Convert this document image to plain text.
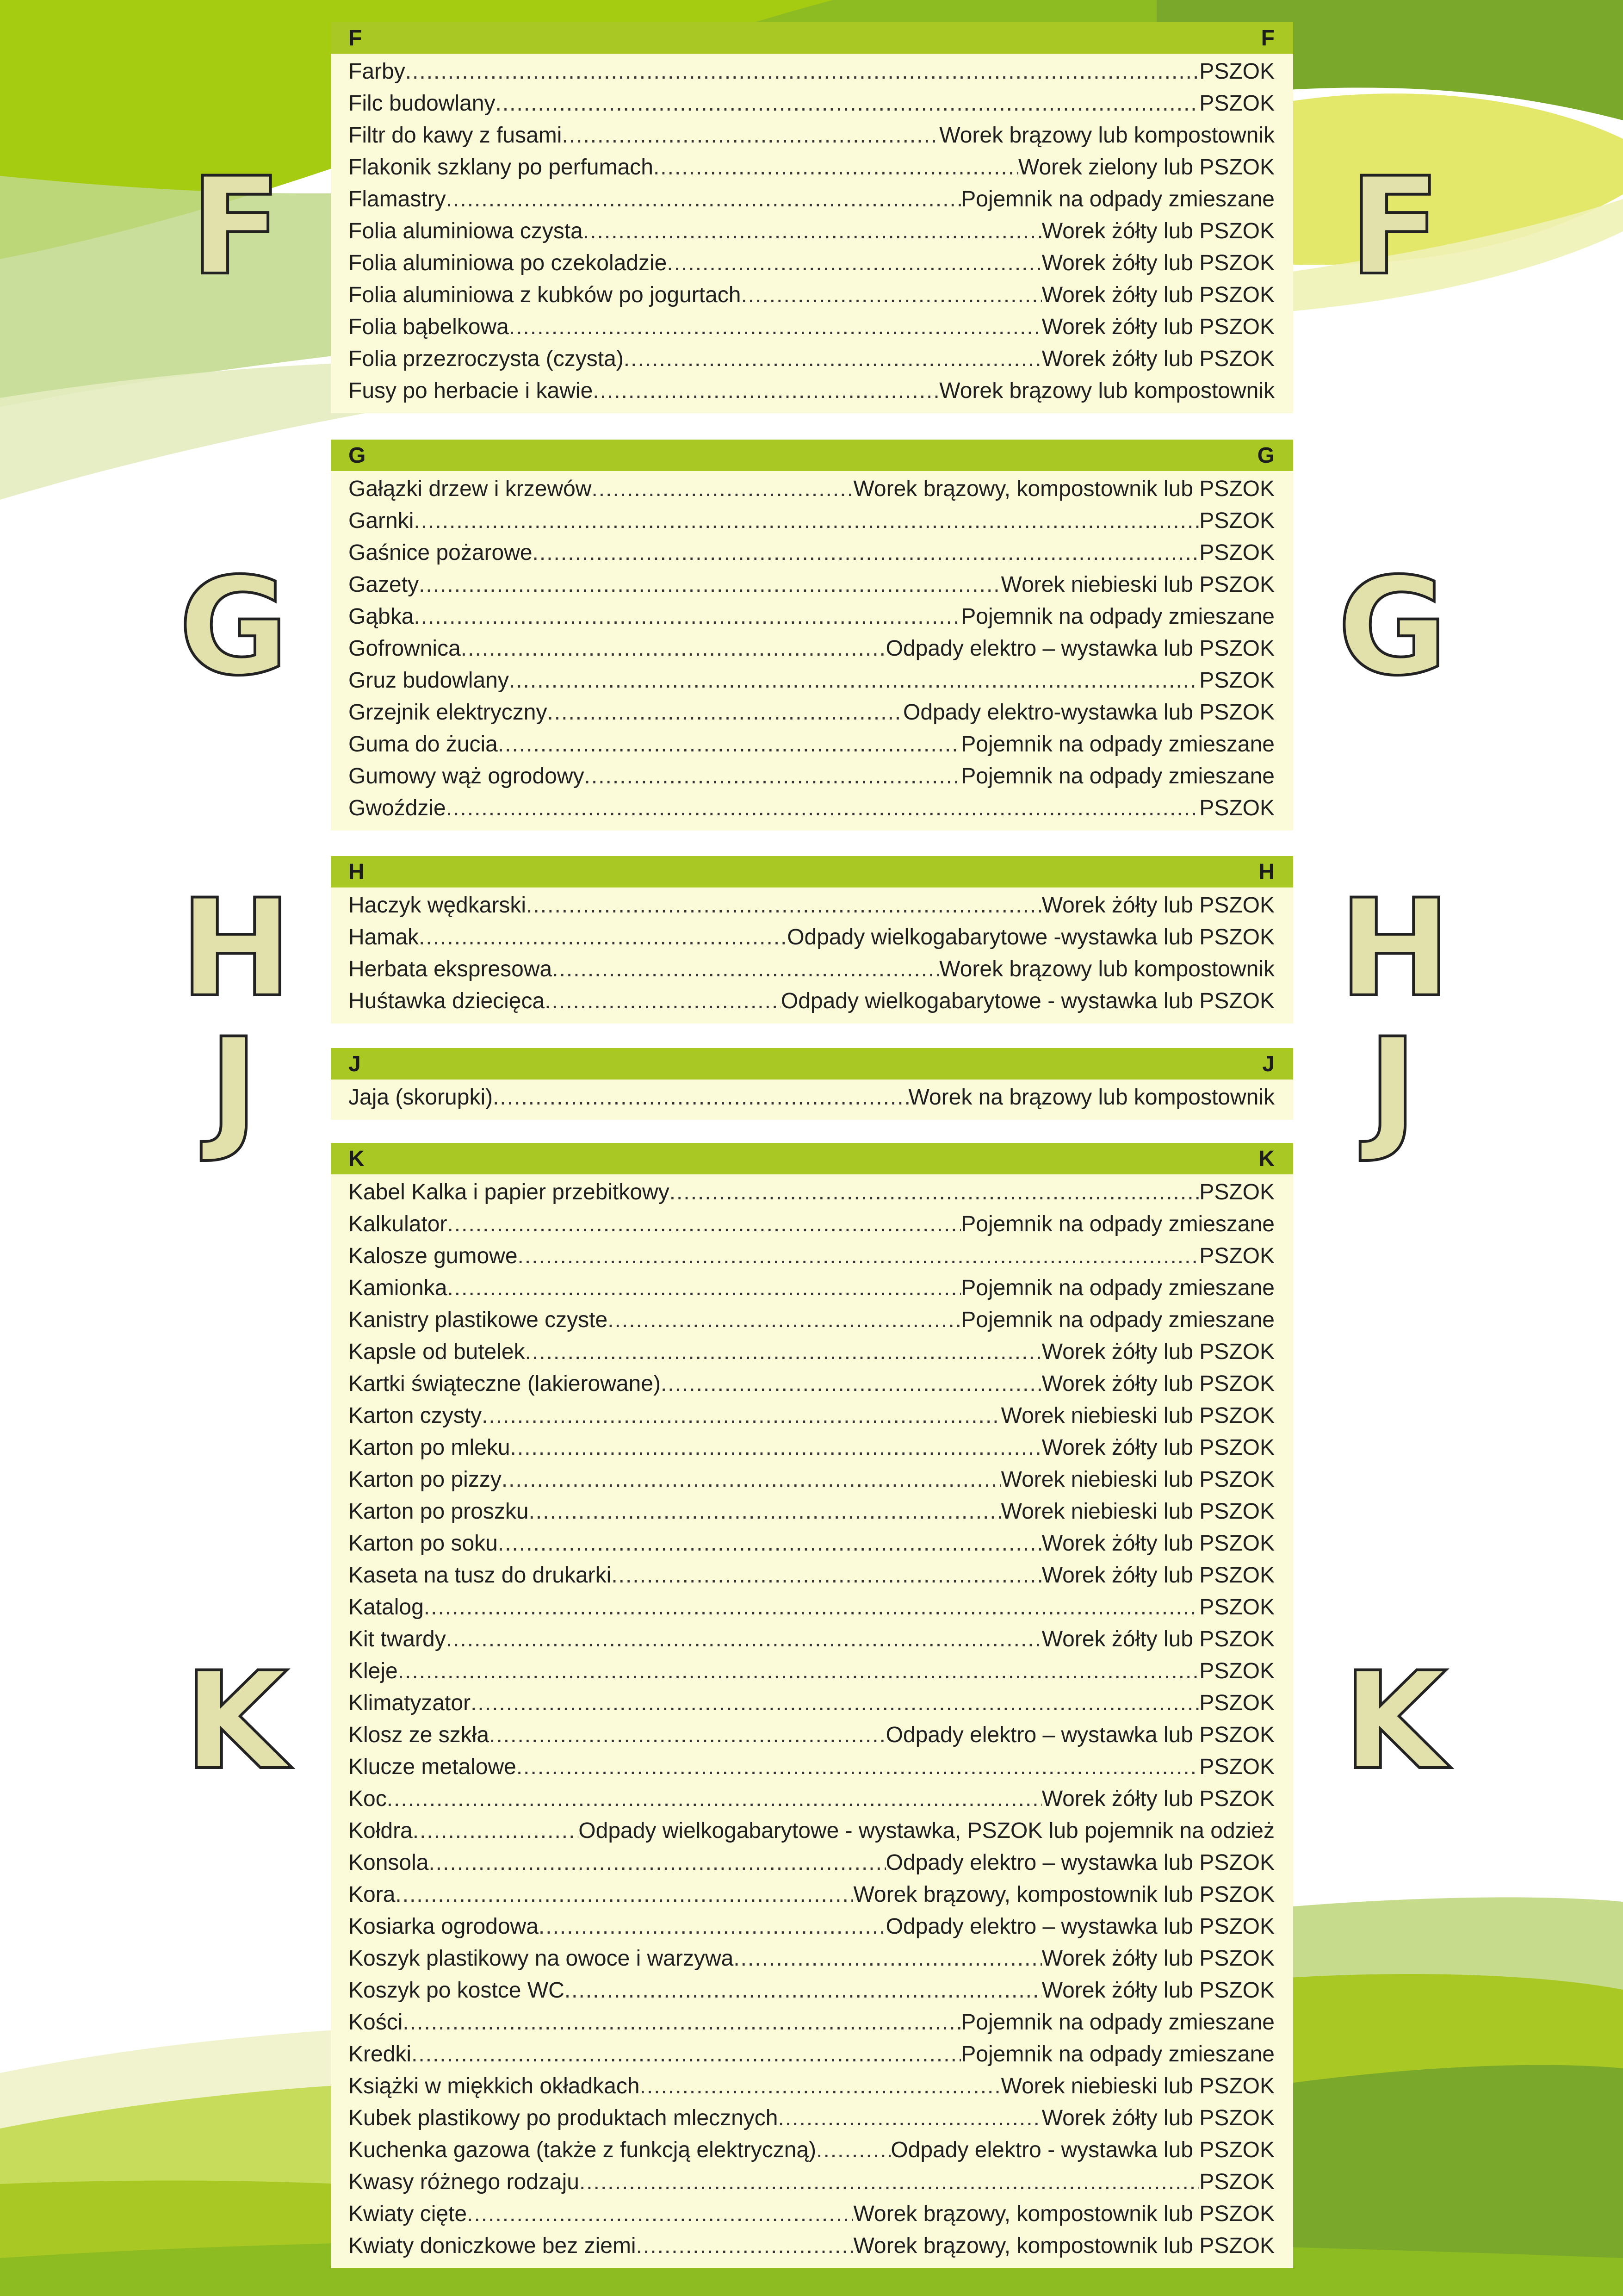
F	F
G	G
H	H
J	J
K	K
F	F
Farby .....	PSZOK
Filc budowlany .....	PSZOK
Filtr do kawy z fusami .....	Worek brązowy lub kompostownik
Flakonik szklany po perfumach .....	Worek zielony lub PSZOK
Flamastry .....	Pojemnik na odpady zmieszane
Folia aluminiowa czysta .....	Worek żółty lub PSZOK
Folia aluminiowa po czekoladzie .....	Worek żółty lub PSZOK
Folia aluminiowa z kubków po jogurtach .....	Worek żółty lub PSZOK
Folia bąbelkowa .....	Worek żółty lub PSZOK
Folia przezroczysta (czysta) .....	Worek żółty lub PSZOK
Fusy po herbacie i kawie .....	Worek brązowy lub kompostownik
G	G
Gałązki drzew i krzewów .....	Worek brązowy, kompostownik lub PSZOK
Garnki .....	PSZOK
Gaśnice pożarowe .....	PSZOK
Gazety .....	Worek niebieski lub PSZOK
Gąbka .....	Pojemnik na odpady zmieszane
Gofrownica .....	Odpady elektro – wystawka lub PSZOK
Gruz budowlany .....	PSZOK
Grzejnik elektryczny .....	Odpady elektro-wystawka lub PSZOK
Guma do żucia .....	Pojemnik na odpady zmieszane
Gumowy wąż ogrodowy .....	Pojemnik na odpady zmieszane
Gwoździe .....	PSZOK
H	H
Haczyk wędkarski .....	Worek żółty lub PSZOK
Hamak .....	Odpady wielkogabarytowe -wystawka lub PSZOK
Herbata ekspresowa .....	Worek brązowy lub kompostownik
Huśtawka dziecięca .....	Odpady wielkogabarytowe - wystawka lub PSZOK
J	J
Jaja (skorupki) .....	Worek na brązowy lub kompostownik
K	K
Kabel Kalka i papier przebitkowy .....	PSZOK
Kalkulator .....	Pojemnik na odpady zmieszane
Kalosze gumowe .....	PSZOK
Kamionka .....	Pojemnik na odpady zmieszane
Kanistry plastikowe czyste .....	Pojemnik na odpady zmieszane
Kapsle od butelek .....	Worek żółty lub PSZOK
Kartki świąteczne (lakierowane) .....	Worek żółty lub PSZOK
Karton czysty .....	Worek niebieski lub PSZOK
Karton po mleku .....	Worek żółty lub PSZOK
Karton po pizzy .....	Worek niebieski lub PSZOK
Karton po proszku .....	Worek niebieski lub PSZOK
Karton po soku .....	Worek żółty lub PSZOK
Kaseta na tusz do drukarki .....	Worek żółty lub PSZOK
Katalog .....	PSZOK
Kit twardy .....	Worek żółty lub PSZOK
Kleje .....	PSZOK
Klimatyzator .....	PSZOK
Klosz ze szkła .....	Odpady elektro – wystawka lub PSZOK
Klucze metalowe .....	PSZOK
Koc .....	Worek żółty lub PSZOK
Kołdra .....	Odpady wielkogabarytowe - wystawka, PSZOK lub pojemnik na odzież
Konsola .....	Odpady elektro – wystawka lub PSZOK
Kora .....	Worek brązowy, kompostownik lub PSZOK
Kosiarka ogrodowa .....	Odpady elektro – wystawka lub PSZOK
Koszyk plastikowy na owoce i warzywa .....	Worek żółty lub PSZOK
Koszyk po kostce WC .....	Worek żółty lub PSZOK
Kości .....	Pojemnik na odpady zmieszane
Kredki .....	Pojemnik na odpady zmieszane
Książki w miękkich okładkach .....	Worek niebieski lub PSZOK
Kubek plastikowy po produktach mlecznych .....	Worek żółty lub PSZOK
Kuchenka gazowa (także z funkcją elektryczną) .....	Odpady elektro - wystawka lub PSZOK
Kwasy różnego rodzaju .....	PSZOK
Kwiaty cięte .....	Worek brązowy, kompostownik lub PSZOK
Kwiaty doniczkowe bez ziemi .....	Worek brązowy, kompostownik lub PSZOK
